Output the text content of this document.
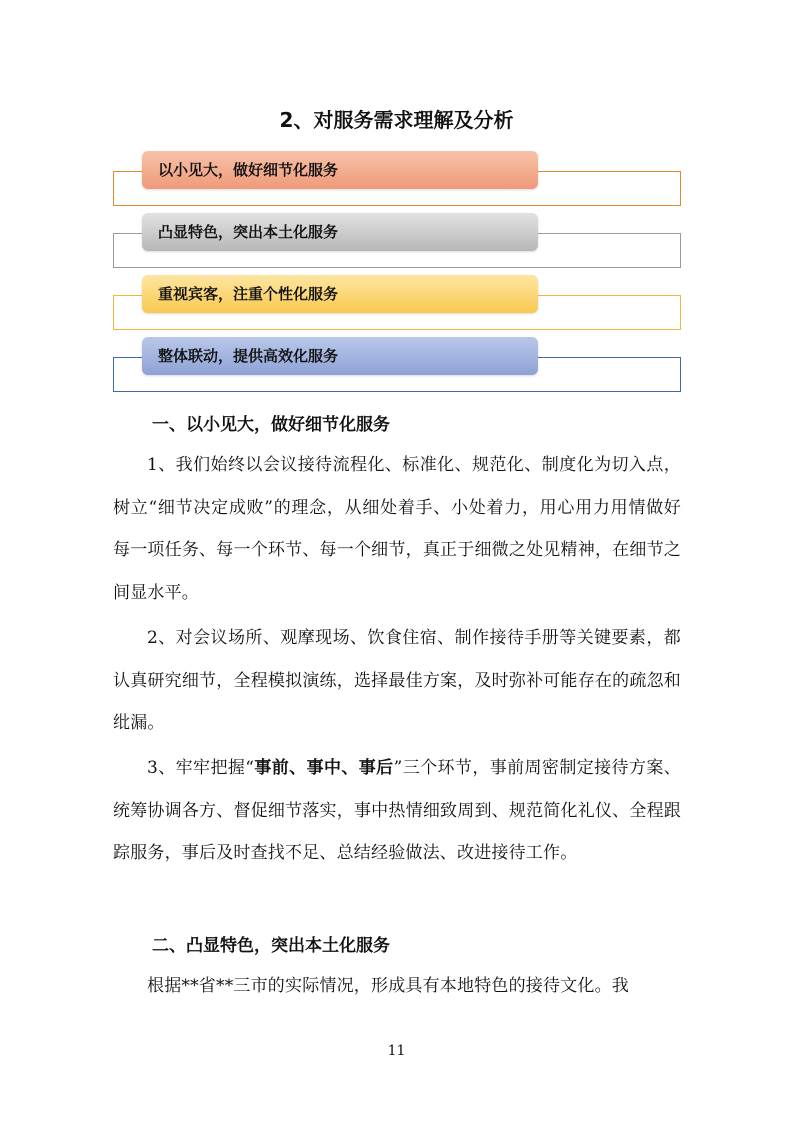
2、对服务需求理解及分析
以小见大，做好细节化服务
凸显特色，突出本土化服务
重视宾客，注重个性化服务
整体联动，提供高效化服务
一、以小见大，做好细节化服务

1、我们始终以会议接待流程化、标准化、规范化、制度化为切入点，树立“细节决定成败”的理念，从细处着手、小处着力，用心用力用情做好每一项任务、每一个环节、每一个细节，真正于细微之处见精神，在细节之间显水平。

2、对会议场所、观摩现场、饮食住宿、制作接待手册等关键要素，都认真研究细节，全程模拟演练，选择最佳方案，及时弥补可能存在的疏忽和纰漏。

3、牢牢把握“事前、事中、事后”三个环节，事前周密制定接待方案、统筹协调各方、督促细节落实，事中热情细致周到、规范简化礼仪、全程跟踪服务，事后及时查找不足、总结经验做法、改进接待工作。

二、凸显特色，突出本土化服务

根据**省**三市的实际情况，形成具有本地特色的接待文化。我

11
